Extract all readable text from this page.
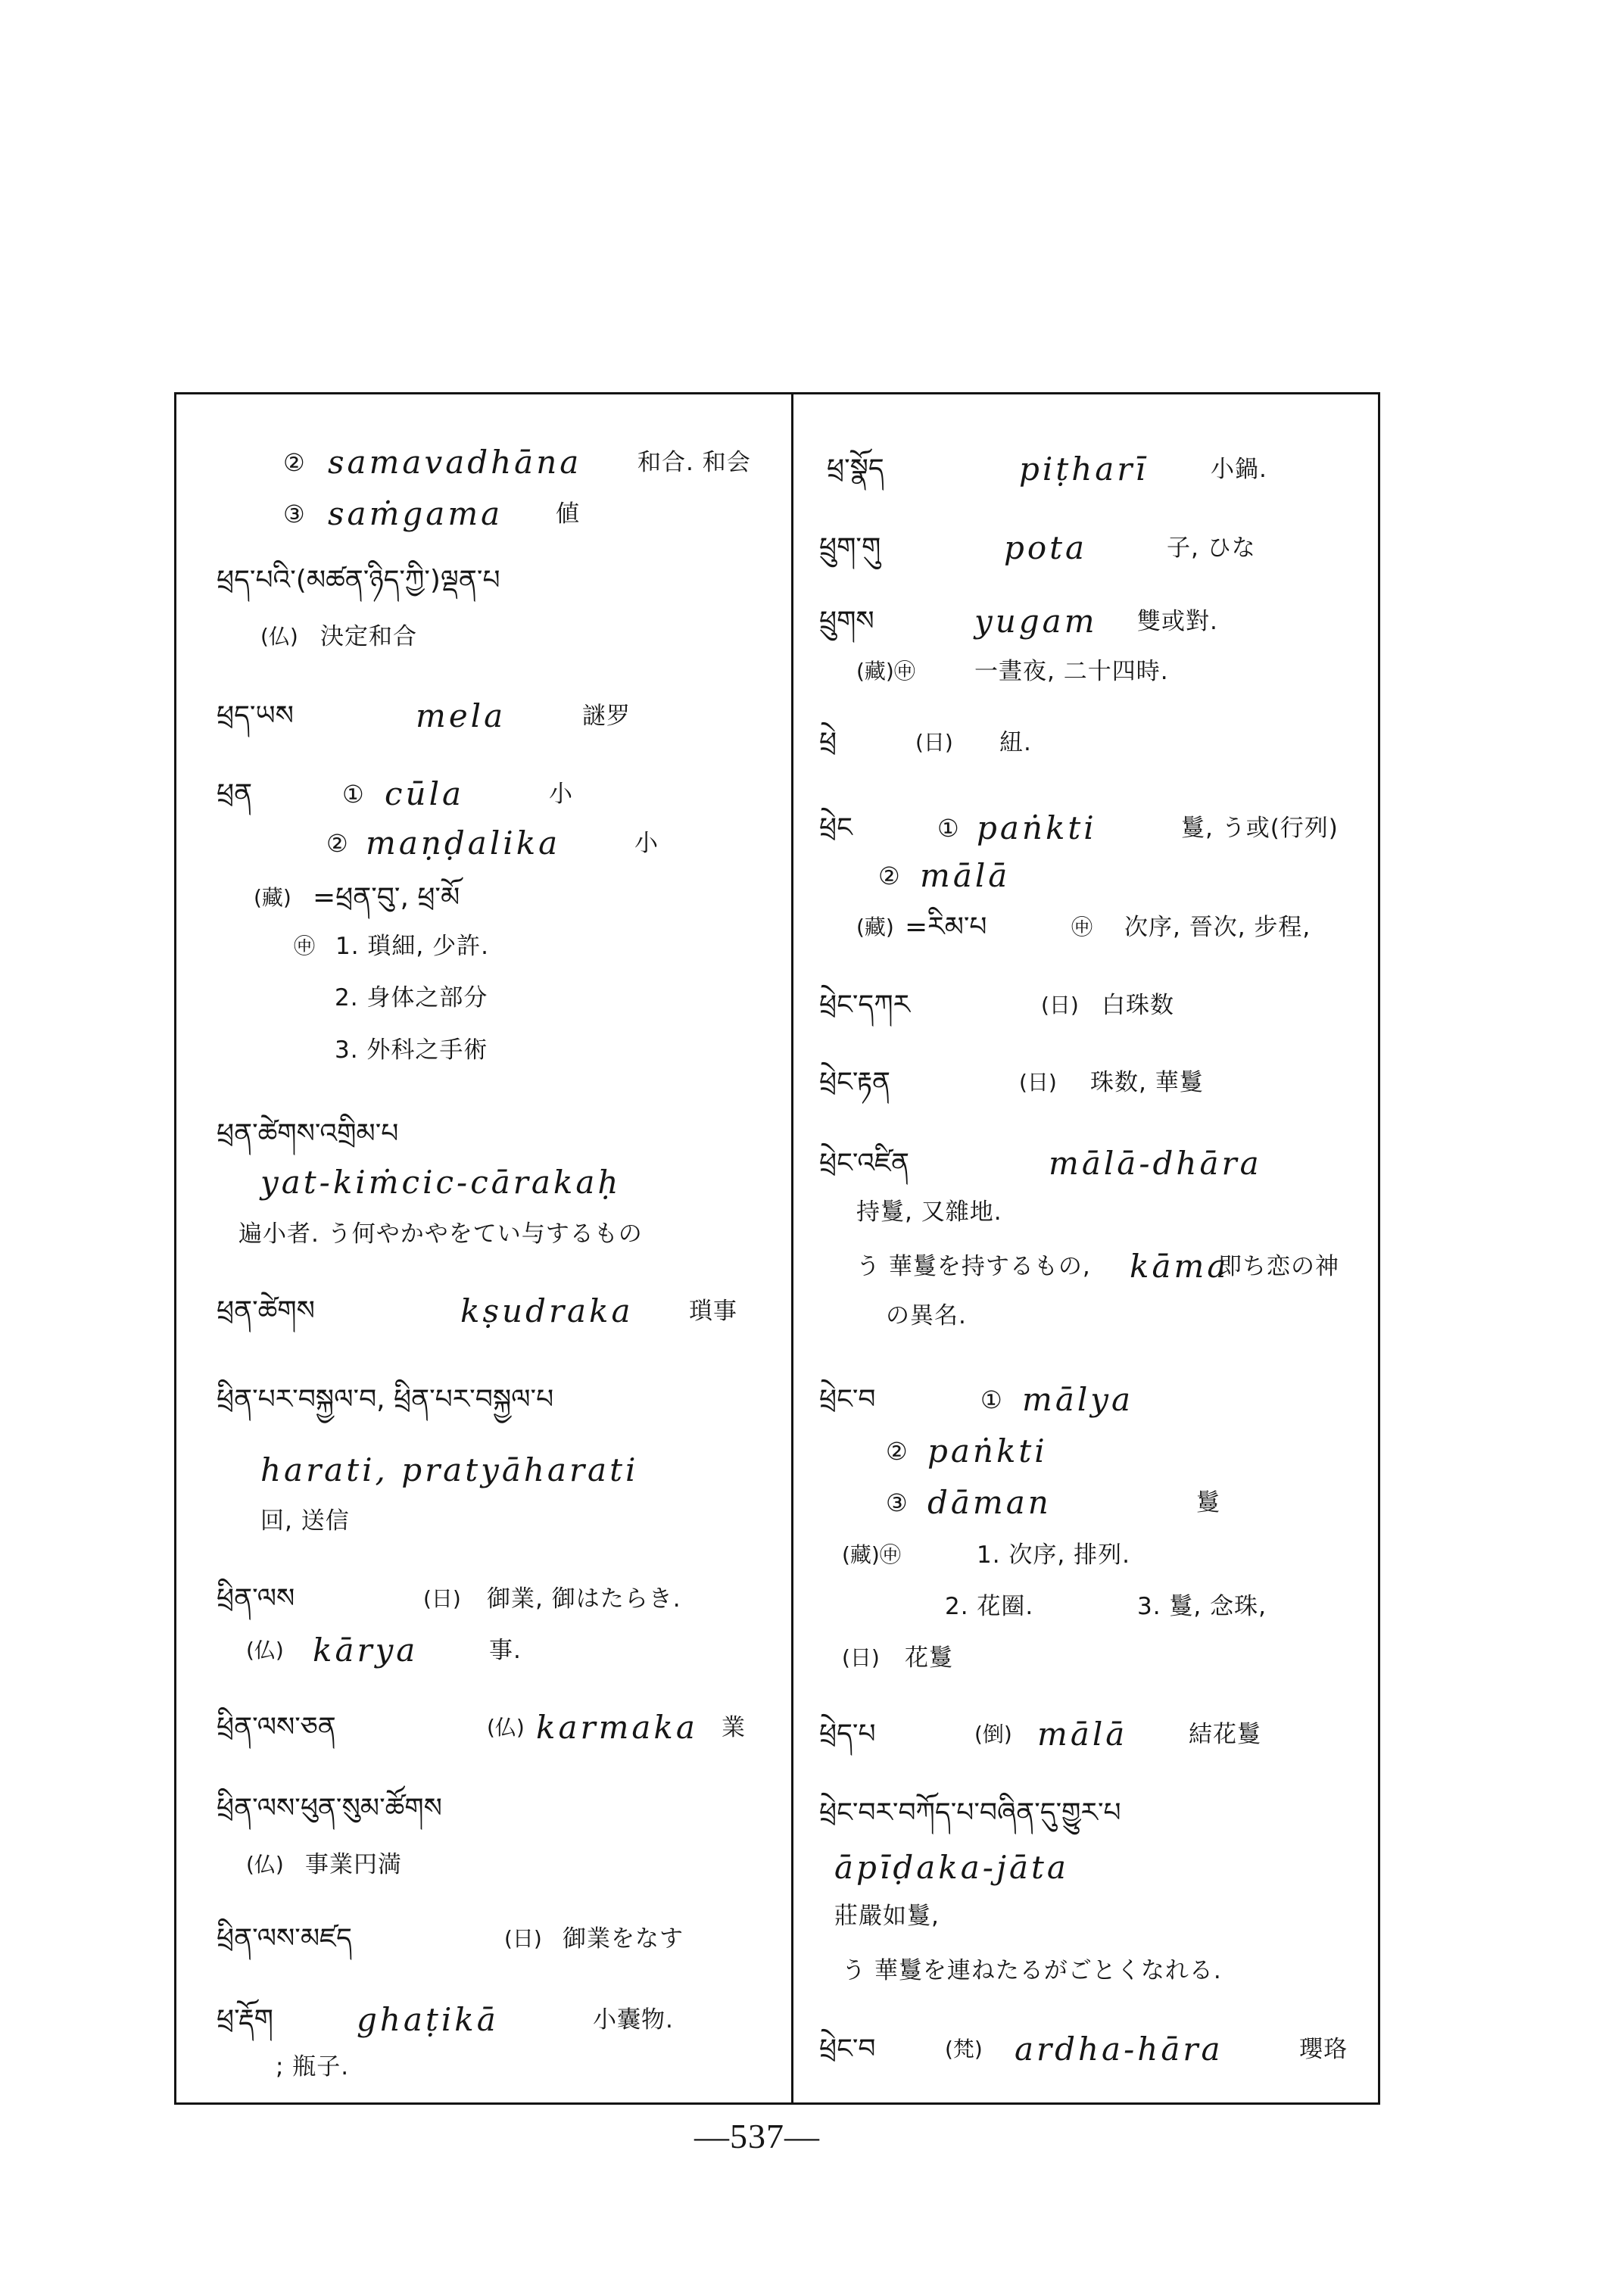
② samavadhāna 和合. 和会
③ saṁgama 値
ཕྲད་པའི་(མཚན་ཉིད་ཀྱི་)ལྡན་པ
(仏) 決定和合
ཕྲད་ཡས	mela	謎罗
ཕྲན	① cūla	小
② maṇḍalika	小
(藏) =ཕྲན་བུ་, ཕྲ་མོ
㊥ 1. 瑣細, 少許.
2. 身体之部分
3. 外科之手術
ཕྲན་ཚེགས་འགྲིམ་པ
yat-kiṁcic-cārakaḥ
遍小者. う何やかやをてい与するもの
ཕྲན་ཚེགས	kṣudraka 瑣事
ཕྲིན་པར་བསྐྱལ་བ, ཕྲིན་པར་བསྐྱལ་པ
harati, pratyāharati
回, 送信
ཕྲིན་ལས	(日) 御業, 御はたらき.
(仏) kārya	事.
ཕྲིན་ལས་ཅན	(仏) karmaka 業
ཕྲིན་ལས་ཕུན་སུམ་ཚོགས
(仏) 事業円満
ཕྲིན་ལས་མཛད	(日) 御業をなす
ཕྲ་རྡོག	ghaṭikā	小囊物.
; 瓶子.
ཕྲ་སྣོད	piṭharī	小鍋.
ཕྲུག་གུ	pota	子, ひな
ཕྲུགས	yugam 雙或對.
(藏)㊥	一晝夜, 二十四時.
ཕྲེ	(日) 紐.
ཕྲེང	① paṅkti	鬘, う或(行列)
② mālā
(藏) =རིམ་པ	㊥ 次序, 晉次, 步程,
ཕྲེང་དཀར	(日) 白珠数
ཕྲེང་རྟན	(日) 珠数, 華鬘
ཕྲེང་འཛིན	mālā-dhāra
持鬘, 又雜地.
う 華鬘を持するもの, kāma
即ち恋の神
の異名.
ཕྲེང་བ	① mālya
② paṅkti
③ dāman	鬘
(藏)㊥	1. 次序, 排列.
2. 花圈.	3. 鬘, 念珠,
(日) 花鬘
ཕྲེད་པ	(倒) mālā	結花鬘
ཕྲེང་བར་བཀོད་པ་བཞིན་དུ་གྱུར་པ
āpīḍaka-jāta
莊嚴如鬘,
う 華鬘を連ねたるがごとくなれる.
ཕྲེང་བ	(梵) ardha-hāra	瓔珞
—537—
